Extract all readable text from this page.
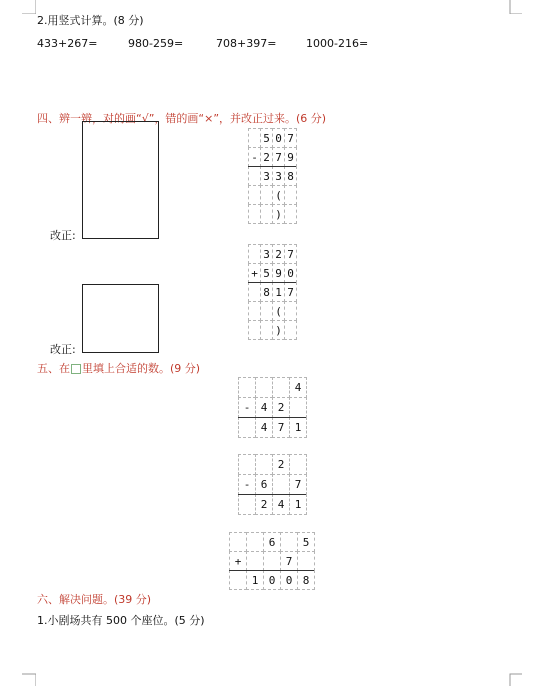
2.用竖式计算。(8 分)
433+267=	980-259=	708+397=	1000-216=
四、辨一辨，对的画“√”，错的画“×”，并改正过来。(6 分)
改正:
改正:
5 0 7
- 2 7 9
3 3 8
(
)
3 2 7
+ 5 9 0
8 1 7
(
)
五、在 里填上合适的数。(9 分)
4
- 4 2
4 7 1
2
- 6	7
2 4 1
6	5
+	7
1 0 0 8
六、解决问题。(39 分)
1.小剧场共有 500 个座位。(5 分)
